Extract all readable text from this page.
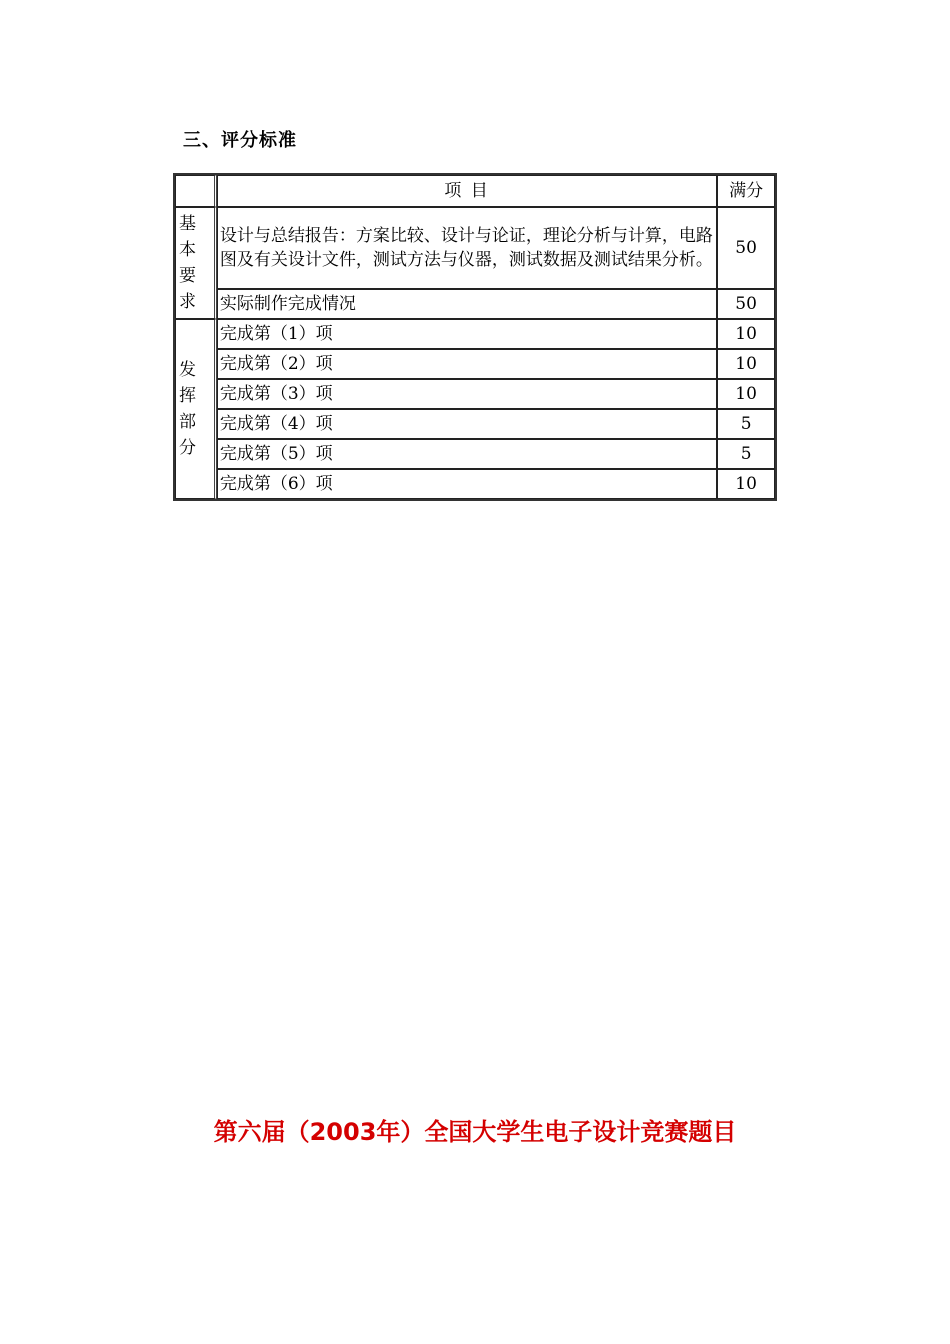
三、评分标准
	项 目	满分

基
本
要
求	设计与总结报告：方案比较、设计与论证，理论分析与计算，电路图及有关设计文件，测试方法与仪器，测试数据及测试结果分析。	50
	实际制作完成情况	50

发
挥
部
分	完成第（1）项	10
	完成第（2）项	10
	完成第（3）项	10
	完成第（4）项	5
	完成第（5）项	5
	完成第（6）项	10
第六届（2003年）全国大学生电子设计竞赛题目
